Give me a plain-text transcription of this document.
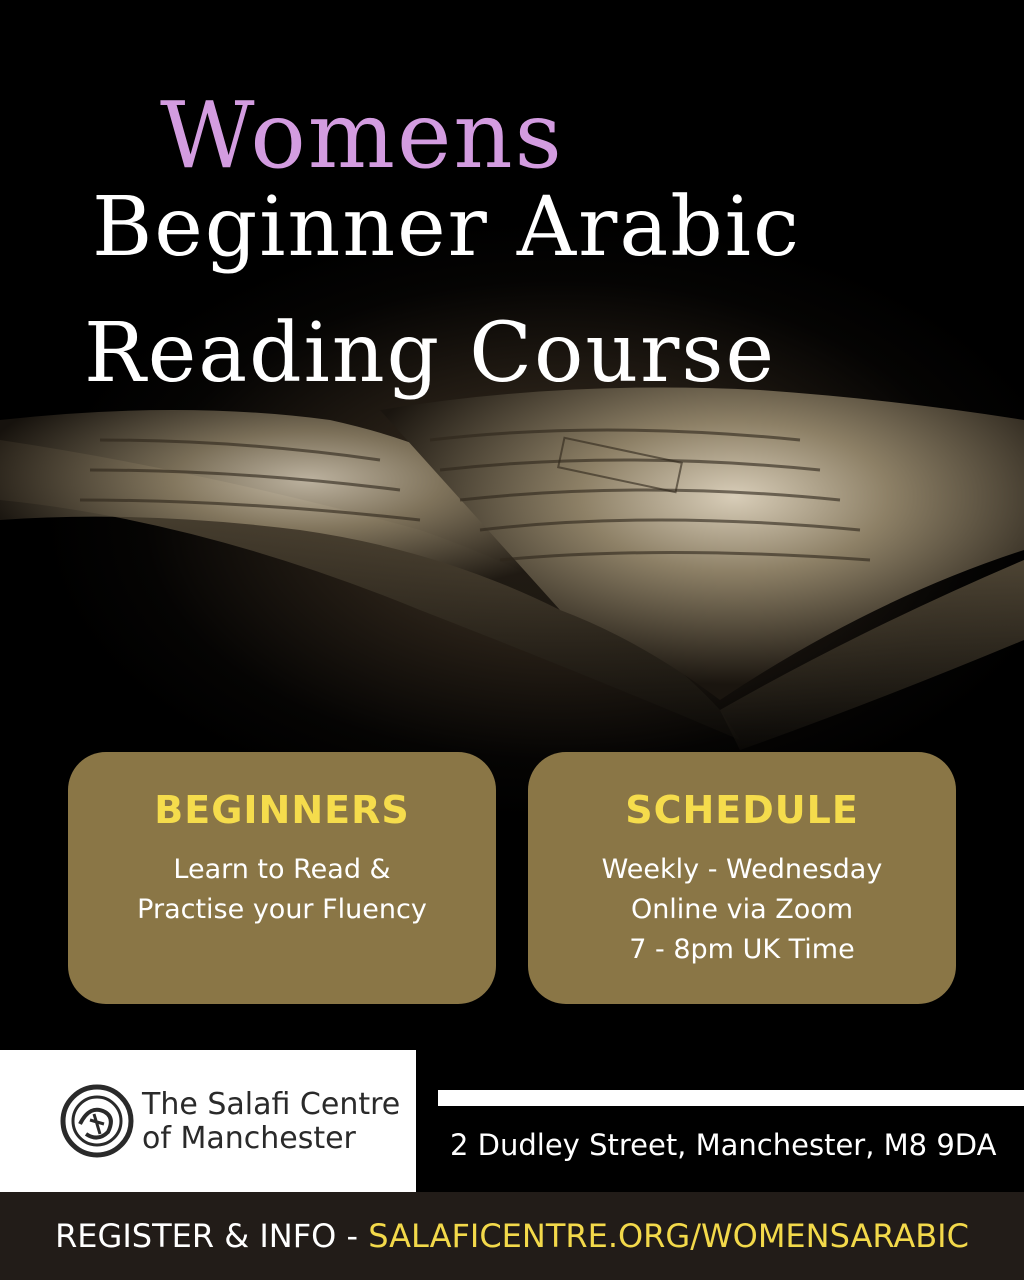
Womens
Beginner Arabic
Reading Course
BEGINNERS

Learn to Read &

Practise your Fluency

SCHEDULE

Weekly - Wednesday

Online via Zoom

7 - 8pm UK Time

The Salafi Centre
of Manchester	2 Dudley Street, Manchester, M8 9DA
REGISTER & INFO - SALAFICENTRE.ORG/WOMENSARABIC
